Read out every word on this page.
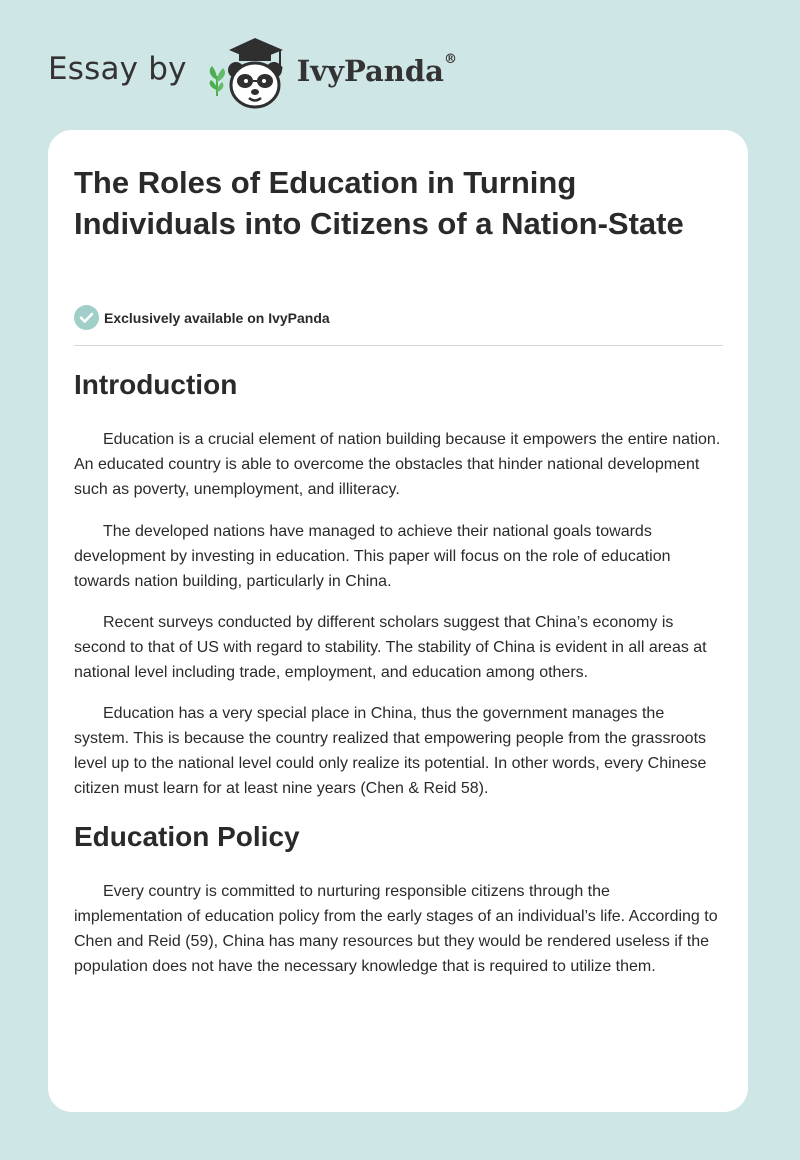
Essay by	IvyPanda®
The Roles of Education in Turning Individuals into Citizens of a Nation-State
Exclusively available on IvyPanda
Introduction

Education is a crucial element of nation building because it empowers the entire nation. An educated country is able to overcome the obstacles that hinder national development such as poverty, unemployment, and illiteracy.

The developed nations have managed to achieve their national goals towards development by investing in education. This paper will focus on the role of education towards nation building, particularly in China.

Recent surveys conducted by different scholars suggest that China’s economy is second to that of US with regard to stability. The stability of China is evident in all areas at national level including trade, employment, and education among others.

Education has a very special place in China, thus the government manages the system. This is because the country realized that empowering people from the grassroots level up to the national level could only realize its potential. In other words, every Chinese citizen must learn for at least nine years (Chen & Reid 58).

Education Policy

Every country is committed to nurturing responsible citizens through the implementation of education policy from the early stages of an individual’s life. According to Chen and Reid (59), China has many resources but they would be rendered useless if the population does not have the necessary knowledge that is required to utilize them.
